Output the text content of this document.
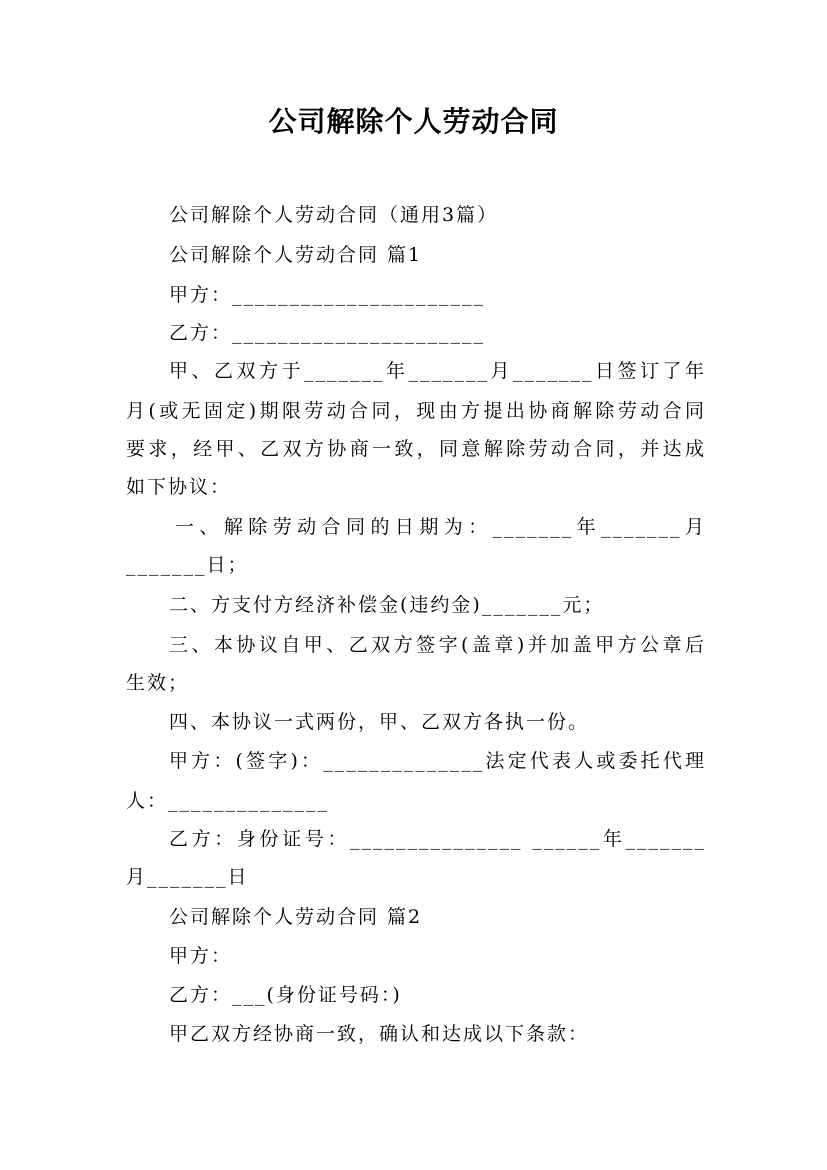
公司解除个人劳动合同
公司解除个人劳动合同（通用3篇）
公司解除个人劳动合同 篇1
甲方：______________________
乙方：______________________
甲、乙双方于_______年_______月_______日签订了年
月(或无固定)期限劳动合同，现由方提出协商解除劳动合同
要求，经甲、乙双方协商一致，同意解除劳动合同，并达成
如下协议：
一、解除劳动合同的日期为：_______年_______月
_______日；
二、方支付方经济补偿金(违约金)_______元；
三、本协议自甲、乙双方签字(盖章)并加盖甲方公章后
生效；
四、本协议一式两份，甲、乙双方各执一份。
甲方：(签字)：______________法定代表人或委托代理
人：______________
乙方：身份证号：_______________ ______年_______
月_______日
公司解除个人劳动合同 篇2
甲方：
乙方：___(身份证号码：)
甲乙双方经协商一致，确认和达成以下条款：
